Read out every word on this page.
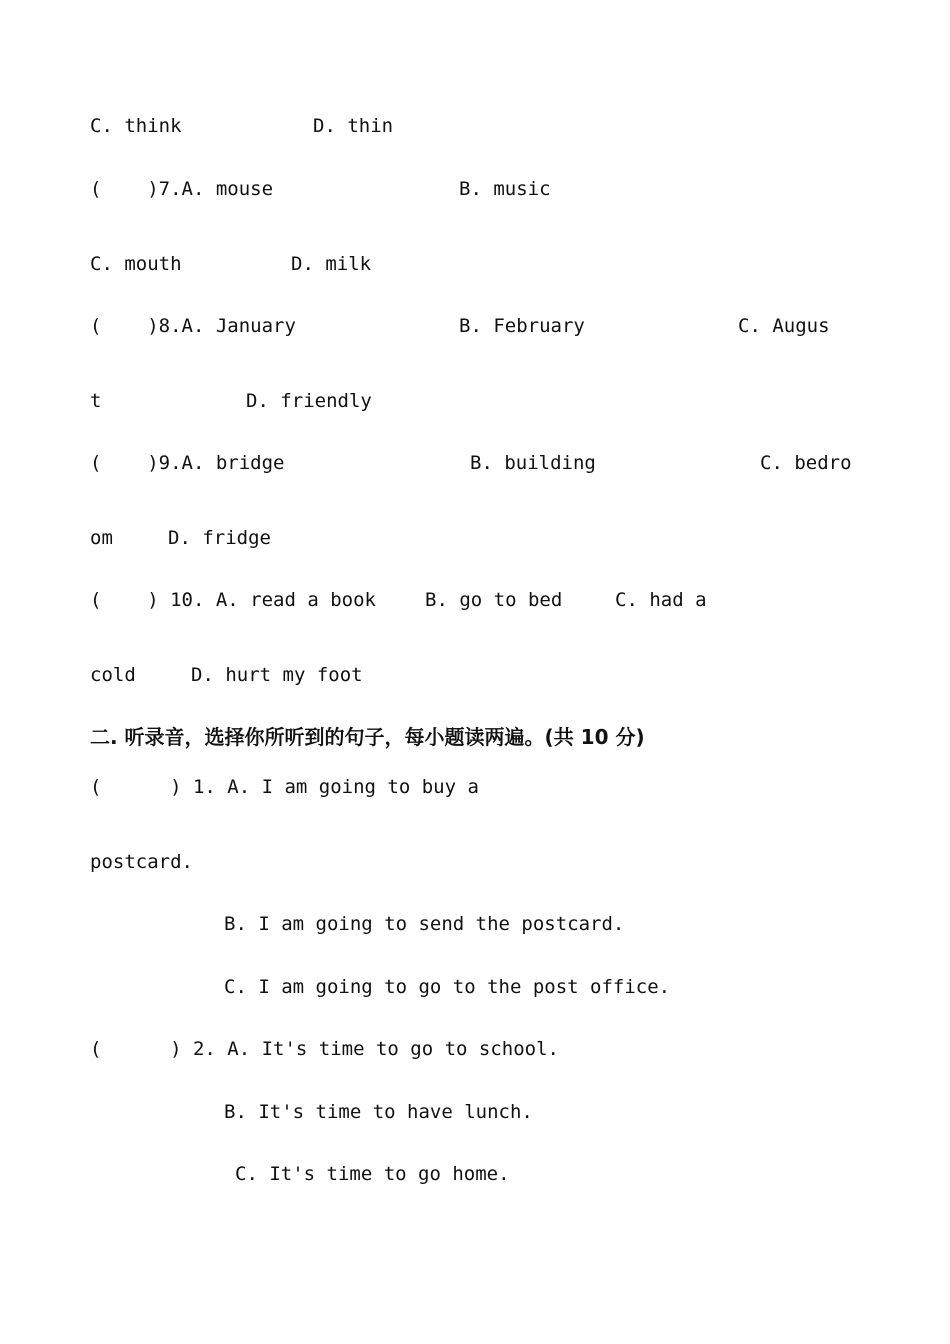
C. think	D. thin

(    )7.A. mouse	B. music

C. mouth	D. milk

(    )8.A. January	B. February	C. Augus

t	D. friendly

(    )9.A. bridge	B. building	C. bedro

om	D. fridge

(    ) 10. A. read a book	B. go to bed	C. had a

cold	D. hurt my foot

二. 听录音，选择你所听到的句子，每小题读两遍。(共 10 分)

(      ) 1. A. I am going to buy a

postcard.

B. I am going to send the postcard.

C. I am going to go to the post office.

(      ) 2. A. It's time to go to school.

B. It's time to have lunch.

C. It's time to go home.
